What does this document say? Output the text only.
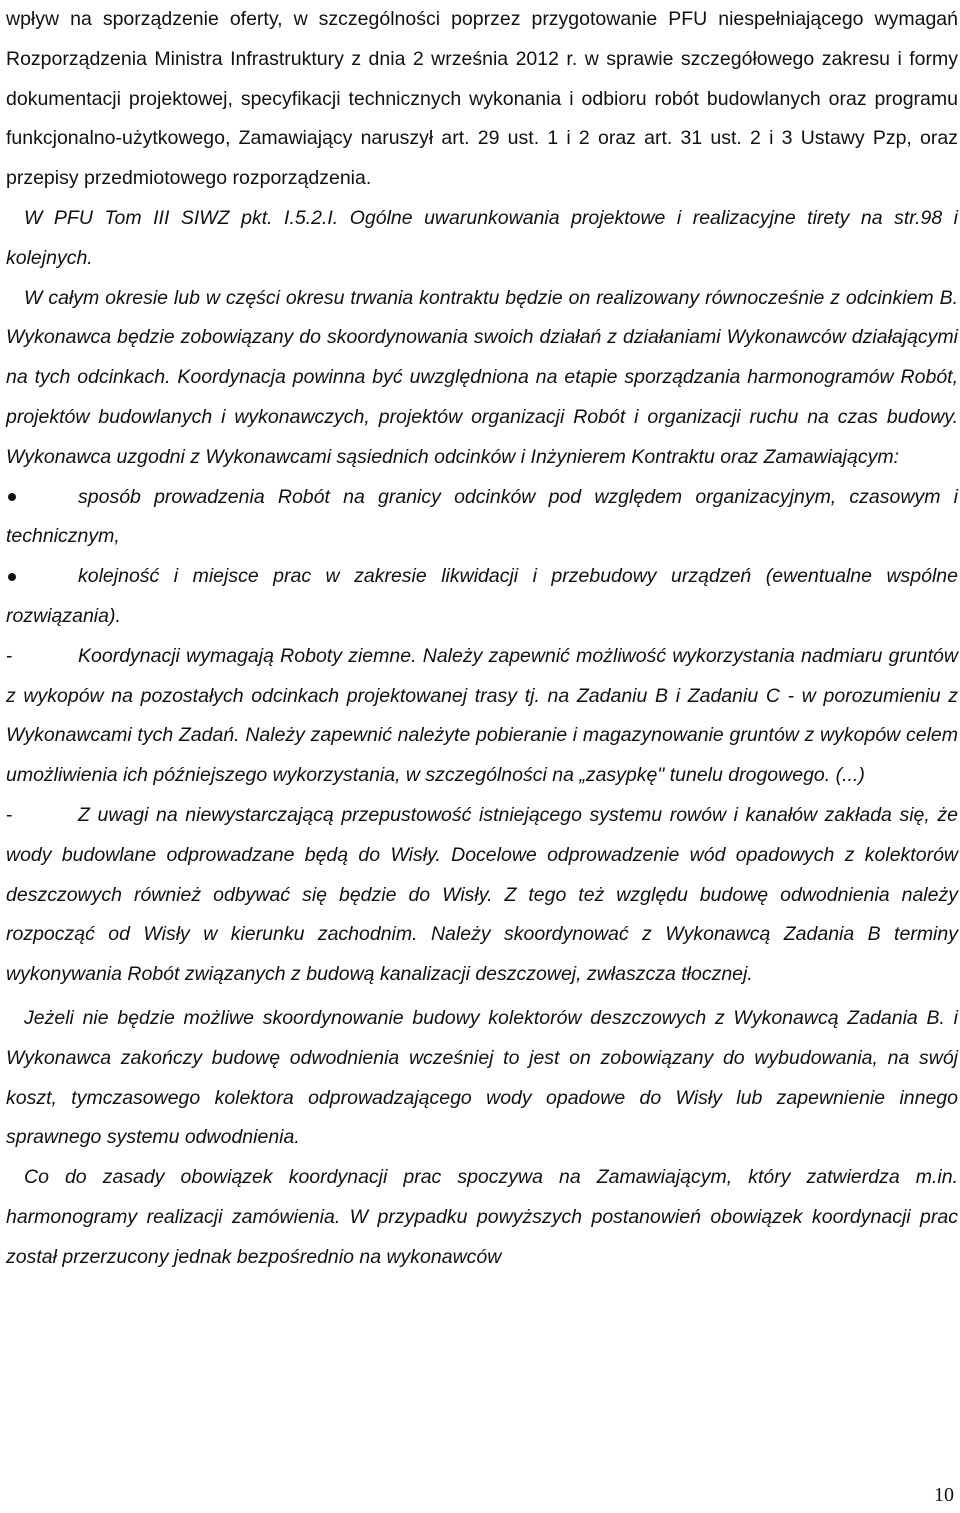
wpływ na sporządzenie oferty, w szczególności poprzez przygotowanie PFU niespełniającego wymagań Rozporządzenia Ministra Infrastruktury z dnia 2 września 2012 r. w sprawie szczegółowego zakresu i formy dokumentacji projektowej, specyfikacji technicznych wykonania i odbioru robót budowlanych oraz programu funkcjonalno-użytkowego, Zamawiający naruszył art. 29 ust. 1 i 2 oraz art. 31 ust. 2 i 3 Ustawy Pzp, oraz przepisy przedmiotowego rozporządzenia.

W PFU Tom III SIWZ pkt. I.5.2.I. Ogólne uwarunkowania projektowe i realizacyjne tirety na str.98 i kolejnych.

W całym okresie lub w części okresu trwania kontraktu będzie on realizowany równocześnie z odcinkiem B. Wykonawca będzie zobowiązany do skoordynowania swoich działań z działaniami Wykonawców działającymi na tych odcinkach. Koordynacja powinna być uwzględniona na etapie sporządzania harmonogramów Robót, projektów budowlanych i wykonawczych, projektów organizacji Robót i organizacji ruchu na czas budowy. Wykonawca uzgodni z Wykonawcami sąsiednich odcinków i Inżynierem Kontraktu oraz Zamawiającym:

sposób prowadzenia Robót na granicy odcinków pod względem organizacyjnym, czasowym i technicznym,

kolejność i miejsce prac w zakresie likwidacji i przebudowy urządzeń (ewentualne wspólne rozwiązania).

-	Koordynacji wymagają Roboty ziemne. Należy zapewnić możliwość wykorzystania nadmiaru gruntów z wykopów na pozostałych odcinkach projektowanej trasy tj. na Zadaniu B i Zadaniu C - w porozumieniu z Wykonawcami tych Zadań. Należy zapewnić należyte pobieranie i magazynowanie gruntów z wykopów celem umożliwienia ich późniejszego wykorzystania, w szczególności na „zasypkę" tunelu drogowego. (...)

-	Z uwagi na niewystarczającą przepustowość istniejącego systemu rowów i kanałów zakłada się, że wody budowlane odprowadzane będą do Wisły. Docelowe odprowadzenie wód opadowych z kolektorów deszczowych również odbywać się będzie do Wisły. Z tego też względu budowę odwodnienia należy rozpocząć od Wisły w kierunku zachodnim. Należy skoordynować z Wykonawcą Zadania B terminy wykonywania Robót związanych z budową kanalizacji deszczowej, zwłaszcza tłocznej.

Jeżeli nie będzie możliwe skoordynowanie budowy kolektorów deszczowych z Wykonawcą Zadania B. i Wykonawca zakończy budowę odwodnienia wcześniej to jest on zobowiązany do wybudowania, na swój koszt, tymczasowego kolektora odprowadzającego wody opadowe do Wisły lub zapewnienie innego sprawnego systemu odwodnienia.

Co do zasady obowiązek koordynacji prac spoczywa na Zamawiającym, który zatwierdza m.in. harmonogramy realizacji zamówienia. W przypadku powyższych postanowień obowiązek koordynacji prac został przerzucony jednak bezpośrednio na wykonawców

10
